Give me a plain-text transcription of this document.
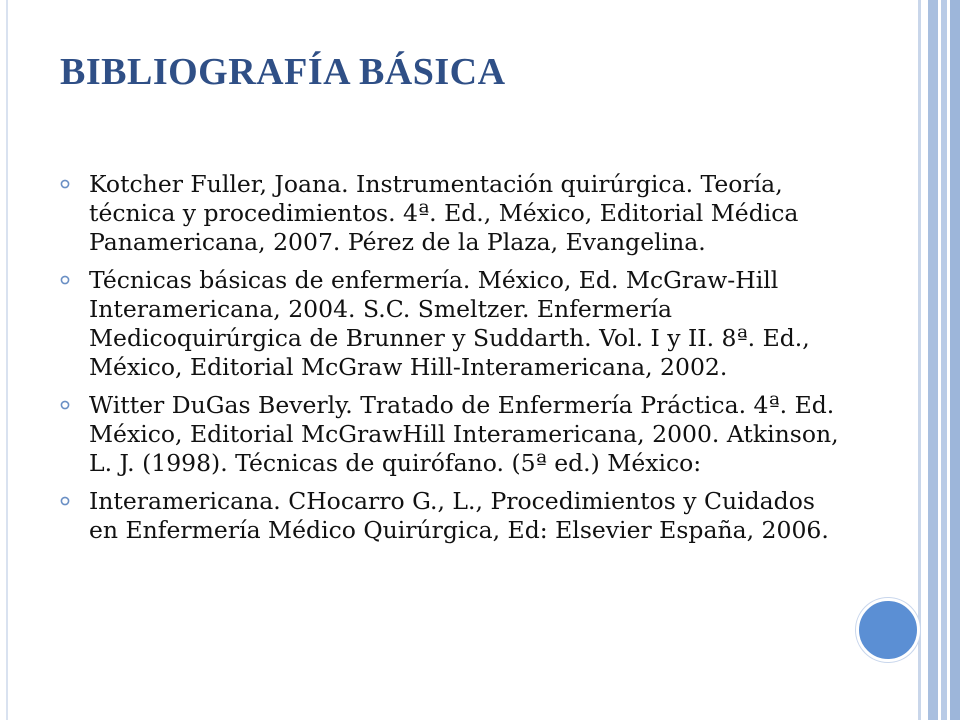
BIBLIOGRAFÍA BÁSICA
Kotcher Fuller, Joana. Instrumentación quirúrgica. Teoría, técnica y procedimientos. 4ª. Ed., México, Editorial Médica Panamericana, 2007. Pérez de la Plaza, Evangelina.
Técnicas básicas de enfermería. México, Ed. McGraw-Hill Interamericana, 2004. S.C. Smeltzer. Enfermería Medicoquirúrgica de Brunner y Suddarth. Vol. I y II. 8ª. Ed., México, Editorial McGraw Hill-Interamericana, 2002.
Witter DuGas Beverly. Tratado de Enfermería Práctica. 4ª. Ed. México, Editorial McGrawHill Interamericana, 2000. Atkinson, L. J. (1998). Técnicas de quirófano. (5ª ed.) México:
Interamericana. CHocarro G., L., Procedimientos y Cuidados en Enfermería Médico Quirúrgica, Ed: Elsevier España, 2006.
